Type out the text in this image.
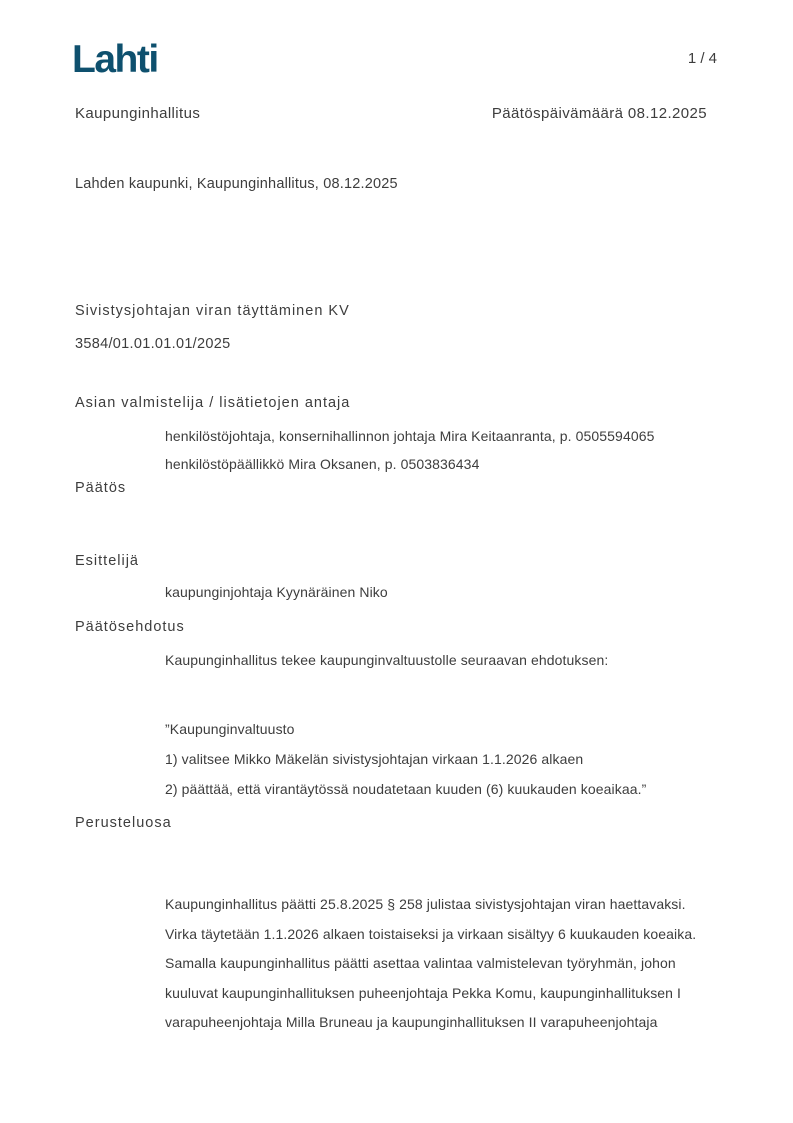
Lahti	1 / 4
Kaupunginhallitus	Päätöspäivämäärä 08.12.2025
Lahden kaupunki, Kaupunginhallitus, 08.12.2025
Sivistysjohtajan viran täyttäminen KV
3584/01.01.01.01/2025
Asian valmistelija / lisätietojen antaja
henkilöstöjohtaja, konsernihallinnon johtaja Mira Keitaanranta, p. 0505594065
henkilöstöpäällikkö Mira Oksanen, p. 0503836434
Päätös
Esittelijä
kaupunginjohtaja Kyynäräinen Niko
Päätösehdotus
Kaupunginhallitus tekee kaupunginvaltuustolle seuraavan ehdotuksen:
”Kaupunginvaltuusto
1) valitsee Mikko Mäkelän sivistysjohtajan virkaan 1.1.2026 alkaen
2) päättää, että virantäytössä noudatetaan kuuden (6) kuukauden koeaikaa.”
Perusteluosa
Kaupunginhallitus päätti 25.8.2025 § 258 julistaa sivistysjohtajan viran haettavaksi.
Virka täytetään 1.1.2026 alkaen toistaiseksi ja virkaan sisältyy 6 kuukauden koeaika.
Samalla kaupunginhallitus päätti asettaa valintaa valmistelevan työryhmän, johon
kuuluvat kaupunginhallituksen puheenjohtaja Pekka Komu, kaupunginhallituksen I
varapuheenjohtaja Milla Bruneau ja kaupunginhallituksen II varapuheenjohtaja
